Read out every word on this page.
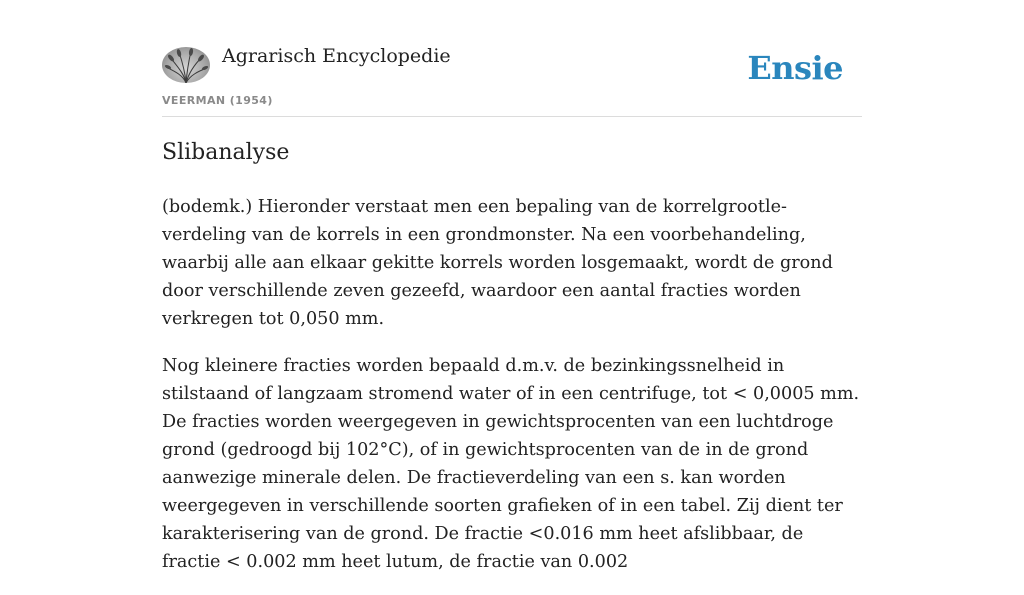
Agrarisch Encyclopedie
VEERMAN (1954)
Ensie
Slibanalyse

(bodemk.) Hieronder verstaat men een bepaling van de korrelgrootle-verdeling van de korrels in een grondmonster. Na een voorbehandeling, waarbij alle aan elkaar gekitte korrels worden losgemaakt, wordt de grond door verschillende zeven gezeefd, waardoor een aantal fracties worden verkregen tot 0,050 mm.

Nog kleinere fracties worden bepaald d.m.v. de bezinkingssnelheid in stilstaand of langzaam stromend water of in een centrifuge, tot < 0,0005 mm. De fracties worden weergegeven in gewichtsprocenten van een luchtdroge grond (gedroogd bij 102°C), of in gewichtsprocenten van de in de grond aanwezige minerale delen. De fractieverdeling van een s. kan worden weergegeven in verschillende soorten grafieken of in een tabel. Zij dient ter karakterisering van de grond. De fractie <0.016 mm heet afslibbaar, de fractie < 0.002 mm heet lutum, de fractie van 0.002
